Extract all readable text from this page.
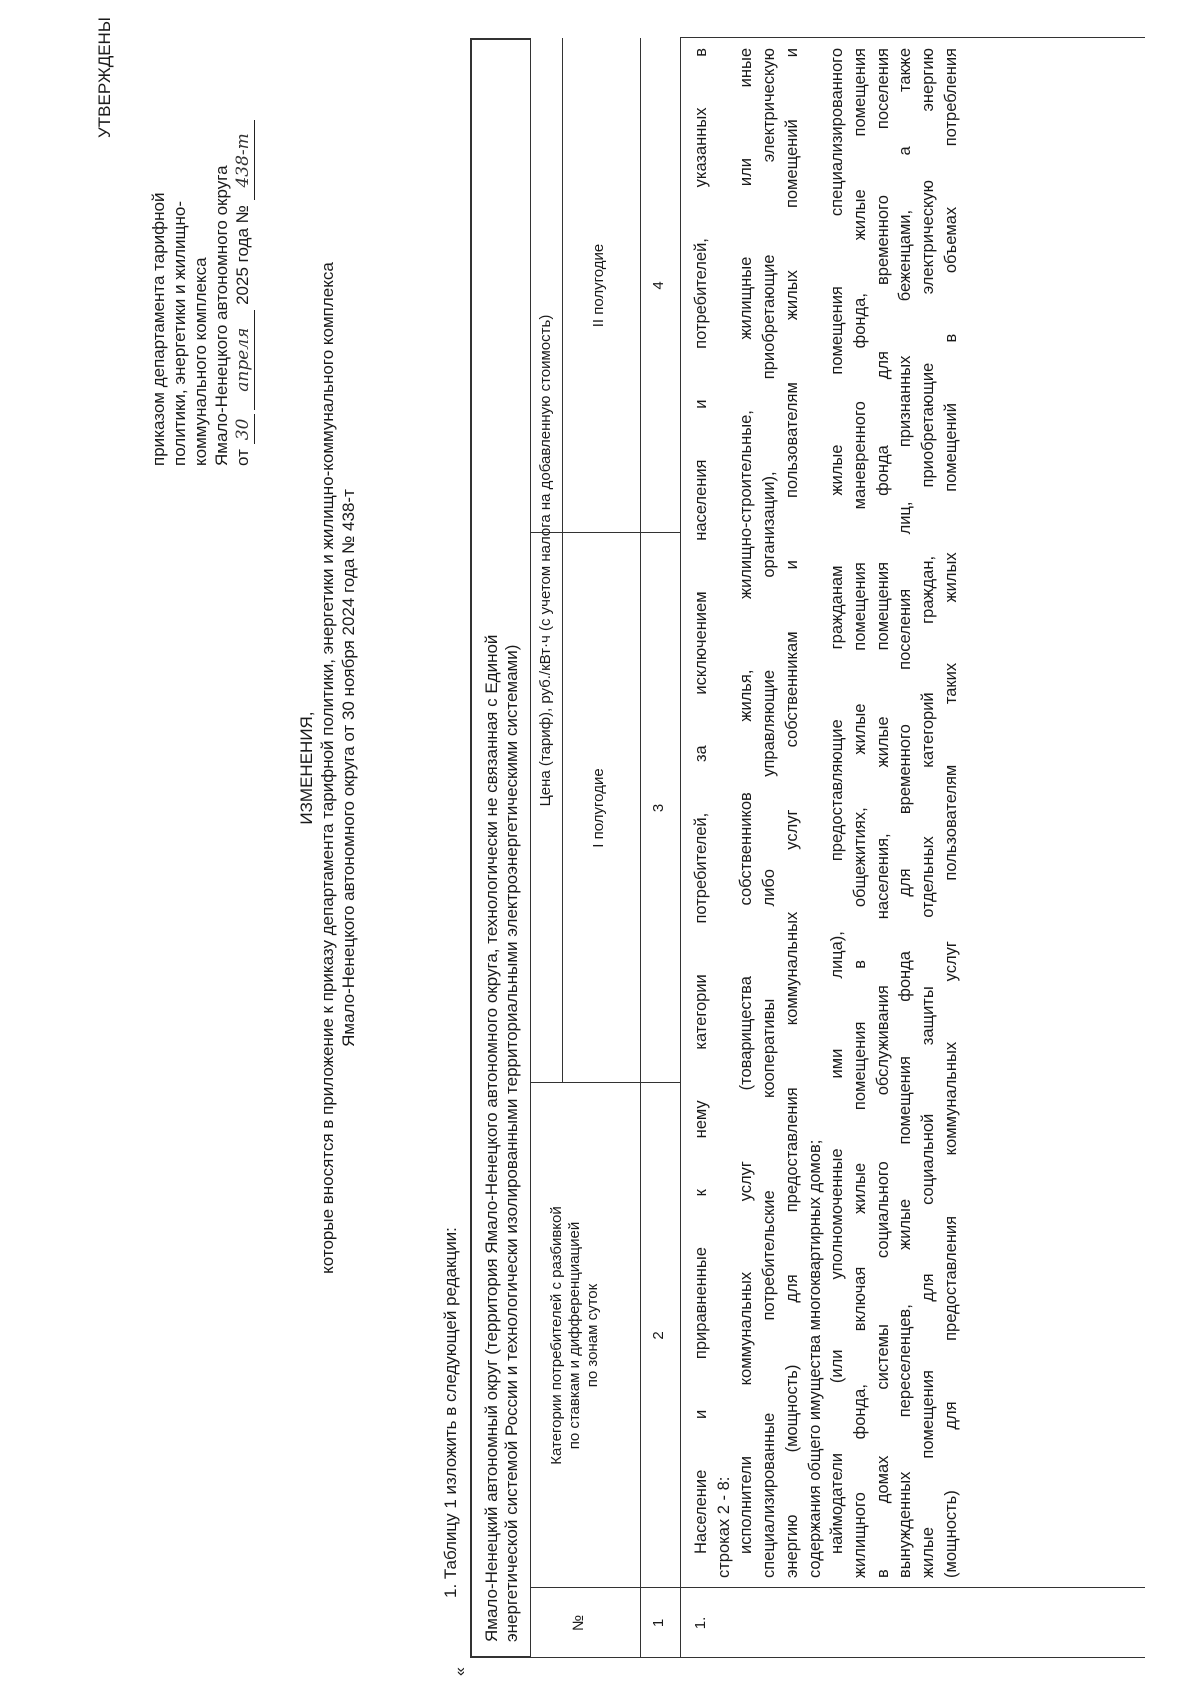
УТВЕРЖДЕНЫ
приказом департамента тарифной политики, энергетики и жилищно- коммунального комплекса Ямало-Ненецкого автономного округа от 30 апреля 2025 года № 438-т
ИЗМЕНЕНИЯ, которые вносятся в приложение к приказу департамента тарифной политики, энергетики и жилищно-коммунального комплекса Ямало-Ненецкого автономного округа от 30 ноября 2024 года № 438-т
1. Таблицу 1 изложить в следующей редакции:
«
Ямало-Ненецкий автономный округ (территория Ямало-Ненецкого автономного округа, технологически не связанная с Единой энергетической системой России и технологически изолированными территориальными электроэнергетическими системами)	№
Категории потребителей с разбивкой по ставкам и дифференциацией по зонам суток
Цена (тариф), руб./кВт·ч (с учетом налога на добавленную стоимость)
I полугодие
II полугодие
1
2
3
4
1.

Население и приравненные к нему категории потребителей, за исключением населения и потребителей, указанных в строках 2 - 8: исполнители коммунальных услуг (товарищества собственников жилья, жилищно-строительные, жилищные или иные специализированные потребительские кооперативы либо управляющие организации), приобретающие электрическую энергию (мощность) для предоставления коммунальных услуг собственникам и пользователям жилых помещений и содержания общего имущества многоквартирных домов; наймодатели (или уполномоченные ими лица), предоставляющие гражданам жилые помещения специализированного жилищного фонда, включая жилые помещения в общежитиях, жилые помещения маневренного фонда, жилые помещения в домах системы социального обслуживания населения, жилые помещения фонда для временного поселения вынужденных переселенцев, жилые помещения фонда для временного поселения лиц, признанных беженцами, а также жилые помещения для социальной защиты отдельных категорий граждан, приобретающие электрическую энергию (мощность) для предоставления коммунальных услуг пользователям таких жилых помещений в объемах потребления
